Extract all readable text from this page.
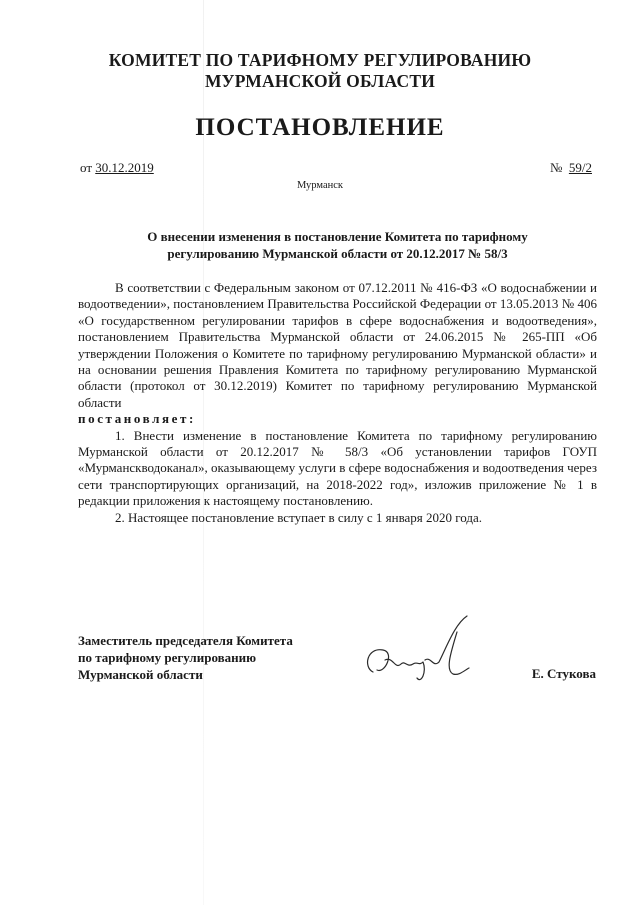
КОМИТЕТ ПО ТАРИФНОМУ РЕГУЛИРОВАНИЮ
МУРМАНСКОЙ ОБЛАСТИ
ПОСТАНОВЛЕНИЕ
от 30.12.2019	№ 59/2
Мурманск
О внесении изменения в постановление Комитета по тарифному
регулированию Мурманской области от 20.12.2017 № 58/3

В соответствии с Федеральным законом от 07.12.2011 № 416-ФЗ «О водоснабжении и водоотведении», постановлением Правительства Российской Федерации от 13.05.2013 № 406 «О государственном регулировании тарифов в сфере водоснабжения и водоотведения», постановлением Правительства Мурманской области от 24.06.2015 № 265-ПП «Об утверждении Положения о Комитете по тарифному регулированию Мурманской области» и на основании решения Правления Комитета по тарифному регулированию Мурманской области (протокол от 30.12.2019) Комитет по тарифному регулированию Мурманской области

постановляет:

1. Внести изменение в постановление Комитета по тарифному регулированию Мурманской области от 20.12.2017 № 58/3 «Об установлении тарифов ГОУП «Мурманскводоканал», оказывающему услуги в сфере водоснабжения и водоотведения через сети транспортирующих организаций, на 2018-2022 год», изложив приложение № 1 в редакции приложения к настоящему постановлению.

2. Настоящее постановление вступает в силу с 1 января 2020 года.

Заместитель председателя Комитета
по тарифному регулированию
Мурманской области	Е. Стукова
